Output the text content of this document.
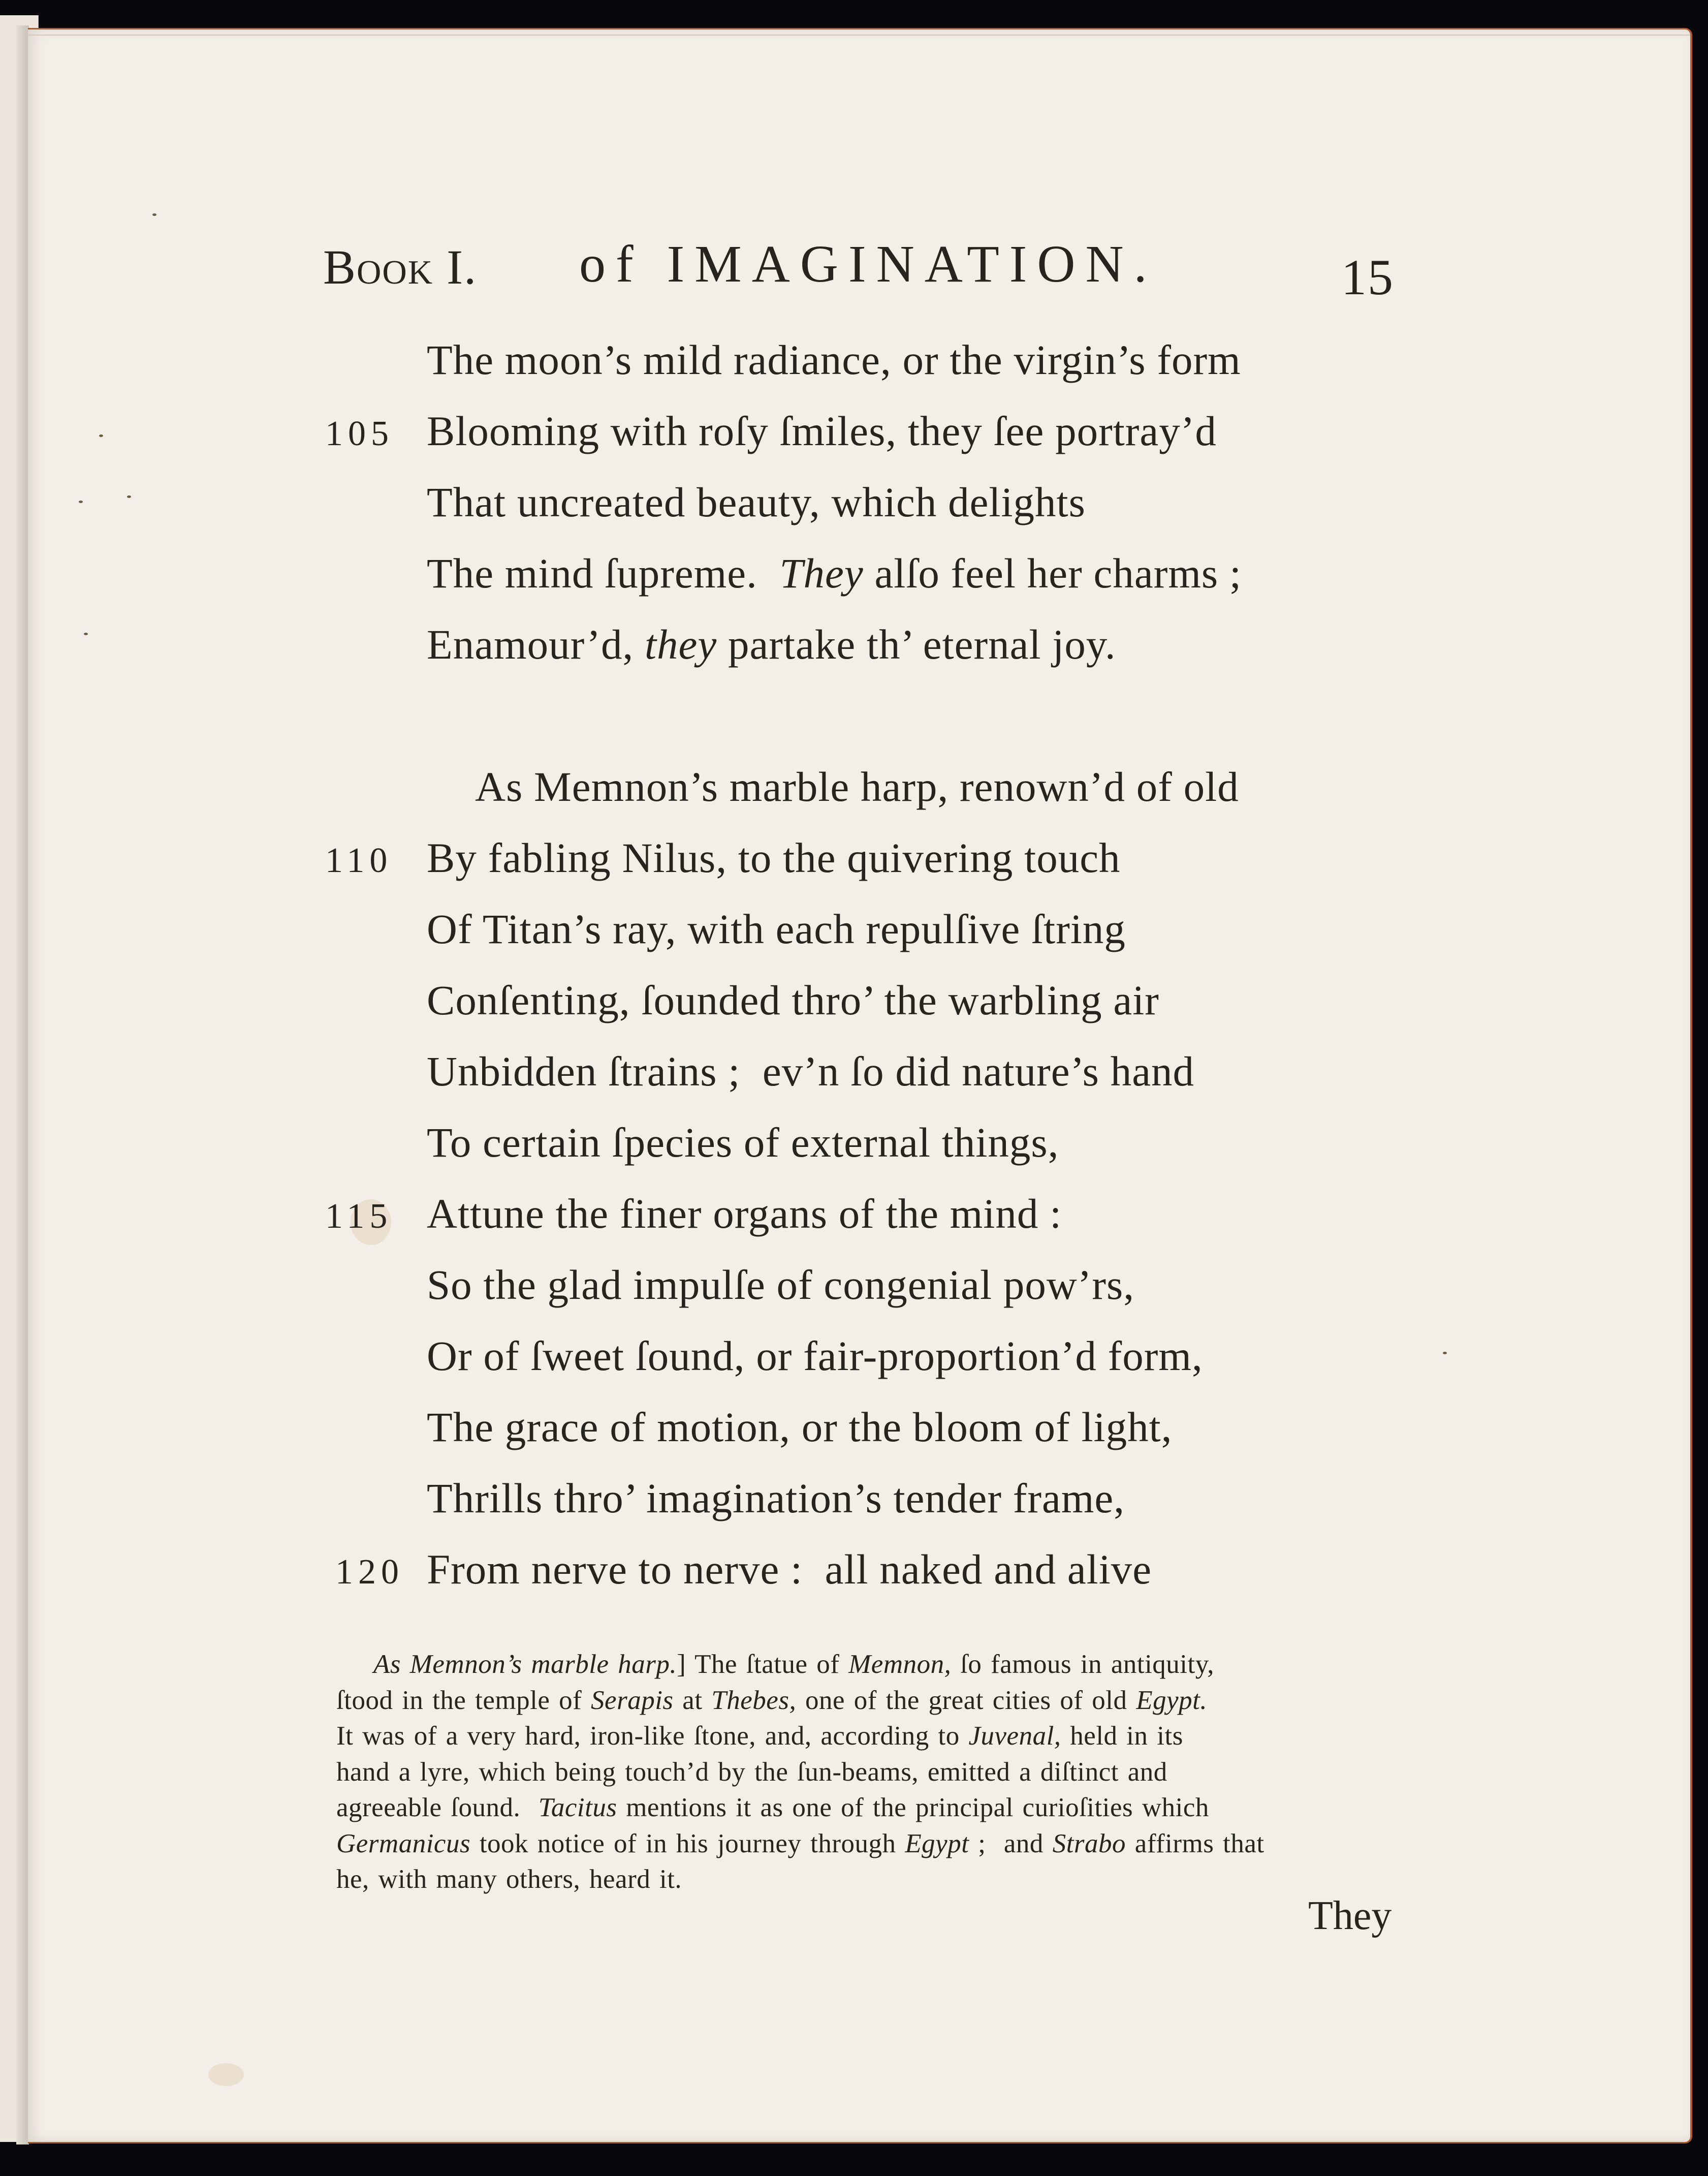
Book I. of IMAGINATION.	15
The moon’s mild radiance, or the virgin’s form
105 Blooming with roſy ſmiles, they ſee portray’d
That uncreated beauty, which delights
The mind ſupreme.  They alſo feel her charms ;
Enamour’d, they partake th’ eternal joy.
As Memnon’s marble harp, renown’d of old
110 By fabling Nilus, to the quivering touch
Of Titan’s ray, with each repulſive ſtring
Conſenting, ſounded thro’ the warbling air
Unbidden ſtrains ;  ev’n ſo did nature’s hand
To certain ſpecies of external things,
115 Attune the finer organs of the mind :
So the glad impulſe of congenial pow’rs,
Or of ſweet ſound, or fair-proportion’d form,
The grace of motion, or the bloom of light,
Thrills thro’ imagination’s tender frame,
120 From nerve to nerve :  all naked and alive
As Memnon’s marble harp.] The ſtatue of Memnon, ſo famous in antiquity,
ſtood in the temple of Serapis at Thebes, one of the great cities of old Egypt.
It was of a very hard, iron-like ſtone, and, according to Juvenal, held in its
hand a lyre, which being touch’d by the ſun-beams, emitted a diſtinct and
agreeable ſound.  Tacitus mentions it as one of the principal curioſities which
Germanicus took notice of in his journey through Egypt ;  and Strabo affirms that
he, with many others, heard it.
They
